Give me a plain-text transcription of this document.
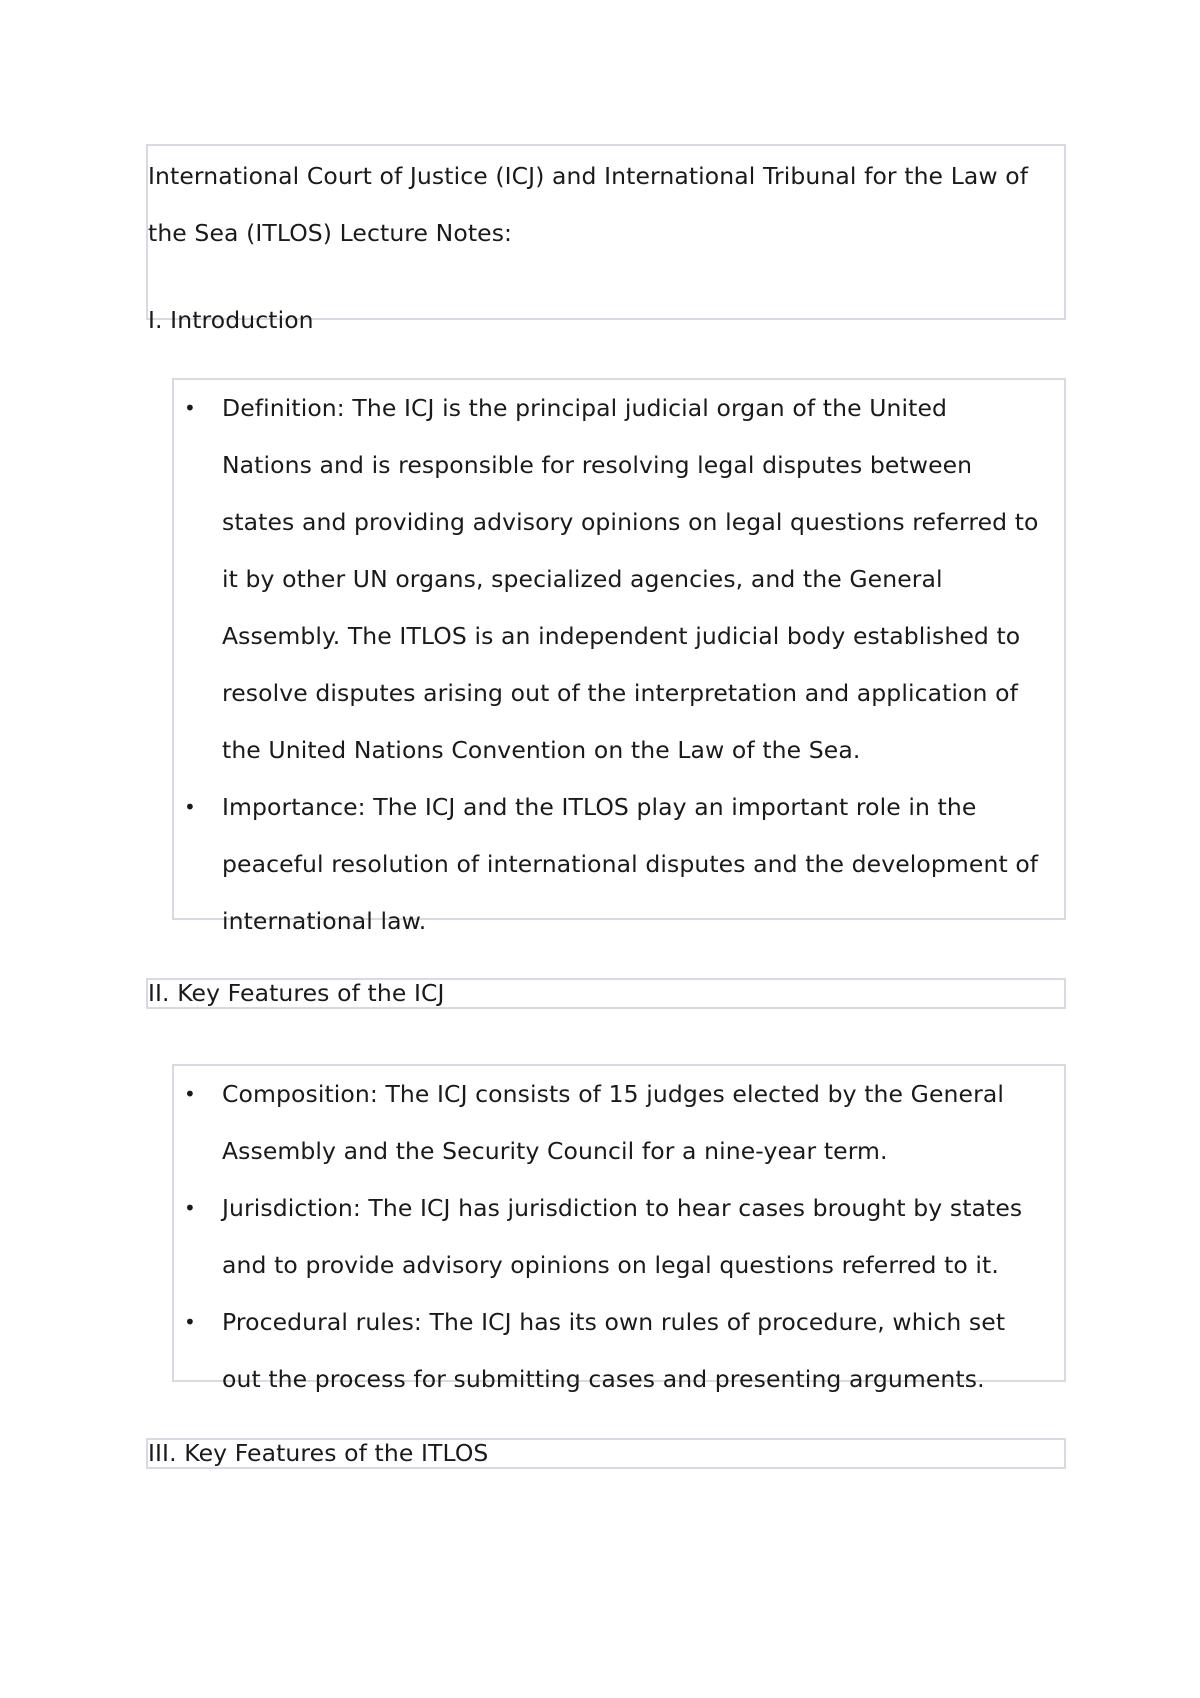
International Court of Justice (ICJ) and International Tribunal for the Law of

the Sea (ITLOS) Lecture Notes:

I. Introduction

• Definition: The ICJ is the principal judicial organ of the United
Nations and is responsible for resolving legal disputes between
states and providing advisory opinions on legal questions referred to
it by other UN organs, specialized agencies, and the General
Assembly. The ITLOS is an independent judicial body established to
resolve disputes arising out of the interpretation and application of
the United Nations Convention on the Law of the Sea.
• Importance: The ICJ and the ITLOS play an important role in the
peaceful resolution of international disputes and the development of
international law.

II. Key Features of the ICJ

• Composition: The ICJ consists of 15 judges elected by the General
Assembly and the Security Council for a nine-year term.
• Jurisdiction: The ICJ has jurisdiction to hear cases brought by states
and to provide advisory opinions on legal questions referred to it.
• Procedural rules: The ICJ has its own rules of procedure, which set
out the process for submitting cases and presenting arguments.

III. Key Features of the ITLOS
